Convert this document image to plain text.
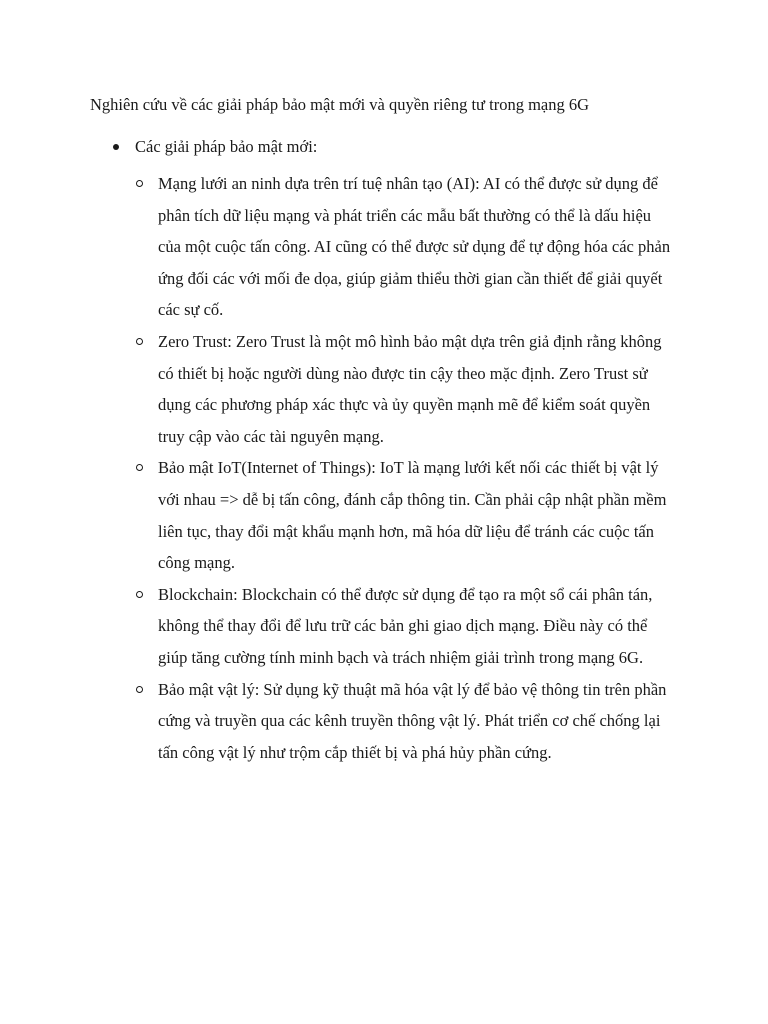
Nghiên cứu về các giải pháp bảo mật mới và quyền riêng tư trong mạng 6G
Các giải pháp bảo mật mới:
Mạng lưới an ninh dựa trên trí tuệ nhân tạo (AI): AI có thể được sử dụng để phân tích dữ liệu mạng và phát triển các mẫu bất thường có thể là dấu hiệu của một cuộc tấn công. AI cũng có thể được sử dụng để tự động hóa các phản ứng đối các với mối đe dọa, giúp giảm thiểu thời gian cần thiết để giải quyết các sự cố.
Zero Trust: Zero Trust là một mô hình bảo mật dựa trên giả định rằng không có thiết bị hoặc người dùng nào được tin cậy theo mặc định. Zero Trust sử dụng các phương pháp xác thực và ủy quyền mạnh mẽ để kiểm soát quyền truy cập vào các tài nguyên mạng.
Bảo mật IoT(Internet of Things): IoT là mạng lưới kết nối các thiết bị vật lý với nhau => dễ bị tấn công, đánh cắp thông tin. Cần phải cập nhật phần mềm liên tục, thay đổi mật khẩu mạnh hơn, mã hóa dữ liệu để tránh các cuộc tấn công mạng.
Blockchain: Blockchain có thể được sử dụng để tạo ra một sổ cái phân tán, không thể thay đổi để lưu trữ các bản ghi giao dịch mạng. Điều này có thể giúp tăng cường tính minh bạch và trách nhiệm giải trình trong mạng 6G.
Bảo mật vật lý: Sử dụng kỹ thuật mã hóa vật lý để bảo vệ thông tin trên phần cứng và truyền qua các kênh truyền thông vật lý. Phát triển cơ chế chống lại tấn công vật lý như trộm cắp thiết bị và phá hủy phần cứng.
